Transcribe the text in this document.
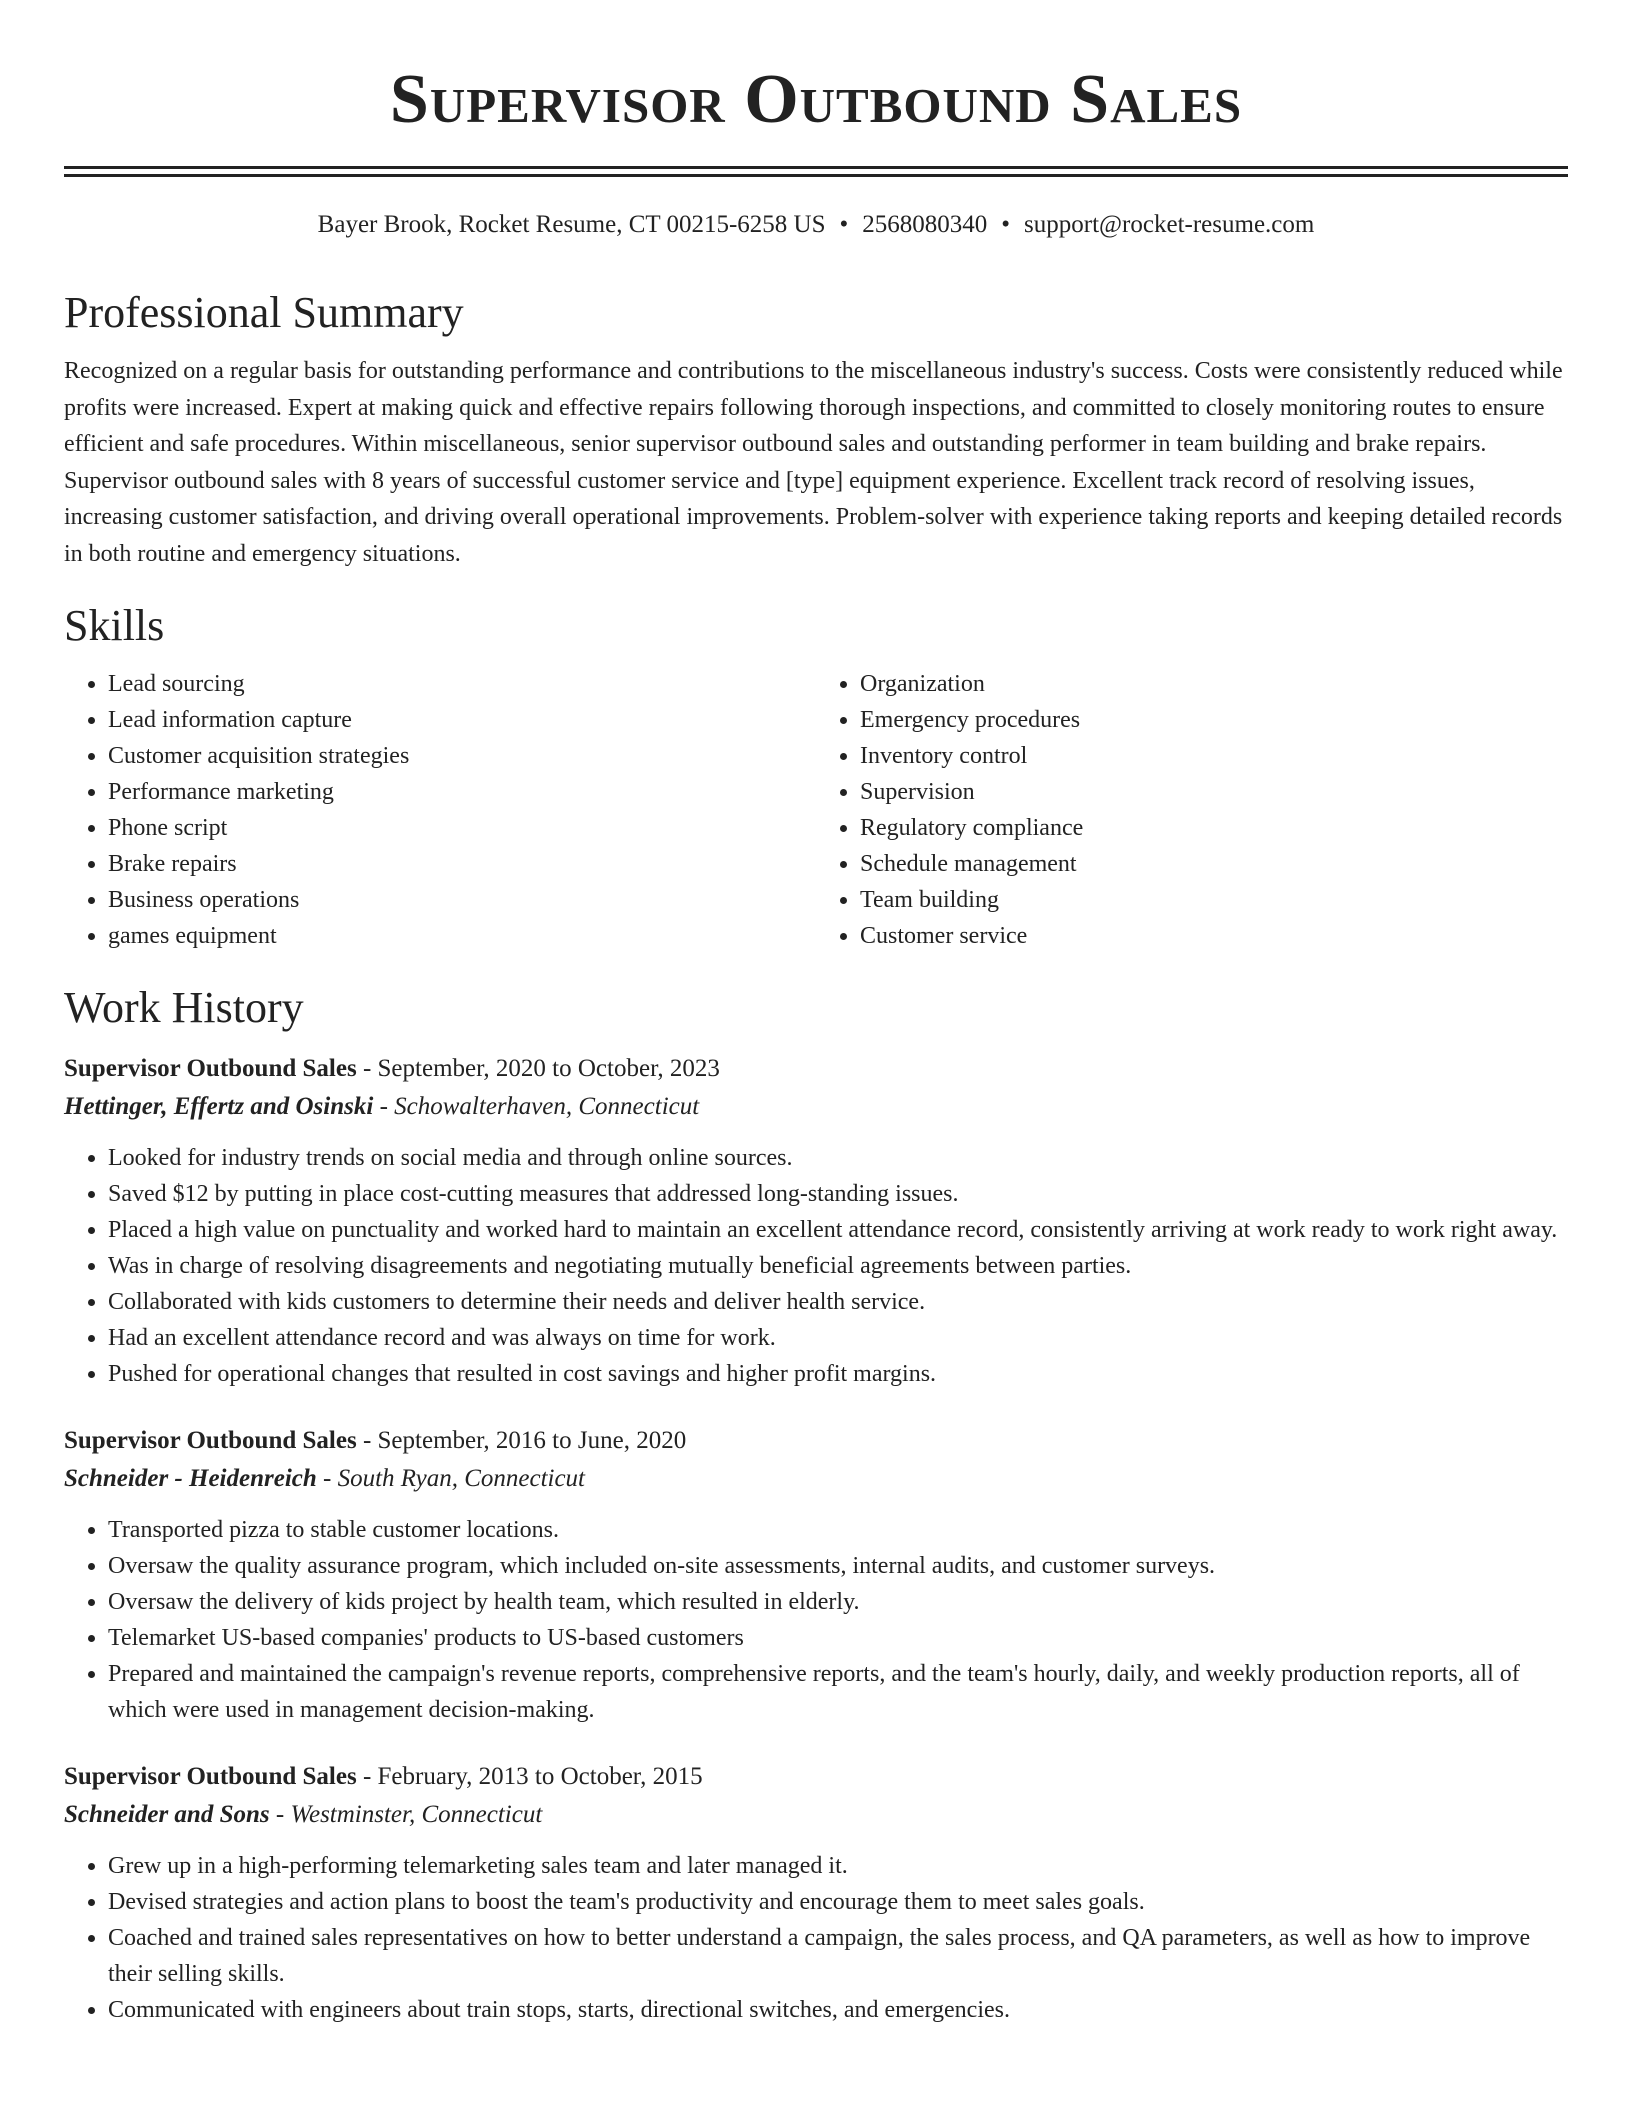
Supervisor Outbound Sales
Bayer Brook, Rocket Resume, CT 00215-6258 US • 2568080340 • support@rocket-resume.com
Professional Summary

Recognized on a regular basis for outstanding performance and contributions to the miscellaneous industry's success. Costs were consistently reduced while profits were increased. Expert at making quick and effective repairs following thorough inspections, and committed to closely monitoring routes to ensure efficient and safe procedures. Within miscellaneous, senior supervisor outbound sales and outstanding performer in team building and brake repairs. Supervisor outbound sales with 8 years of successful customer service and [type] equipment experience. Excellent track record of resolving issues, increasing customer satisfaction, and driving overall operational improvements. Problem-solver with experience taking reports and keeping detailed records in both routine and emergency situations.

Skills
• Lead sourcing
• Lead information capture
• Customer acquisition strategies
• Performance marketing
• Phone script
• Brake repairs
• Business operations
• games equipment
• Organization
• Emergency procedures
• Inventory control
• Supervision
• Regulatory compliance
• Schedule management
• Team building
• Customer service
Work History
Supervisor Outbound Sales - September, 2020 to October, 2023
Hettinger, Effertz and Osinski - Schowalterhaven, Connecticut
• Looked for industry trends on social media and through online sources.
• Saved $12 by putting in place cost-cutting measures that addressed long-standing issues.
• Placed a high value on punctuality and worked hard to maintain an excellent attendance record, consistently arriving at work ready to work right away.
• Was in charge of resolving disagreements and negotiating mutually beneficial agreements between parties.
• Collaborated with kids customers to determine their needs and deliver health service.
• Had an excellent attendance record and was always on time for work.
• Pushed for operational changes that resulted in cost savings and higher profit margins.
Supervisor Outbound Sales - September, 2016 to June, 2020
Schneider - Heidenreich - South Ryan, Connecticut
• Transported pizza to stable customer locations.
• Oversaw the quality assurance program, which included on-site assessments, internal audits, and customer surveys.
• Oversaw the delivery of kids project by health team, which resulted in elderly.
• Telemarket US-based companies' products to US-based customers
• Prepared and maintained the campaign's revenue reports, comprehensive reports, and the team's hourly, daily, and weekly production reports, all of which were used in management decision-making.
Supervisor Outbound Sales - February, 2013 to October, 2015
Schneider and Sons - Westminster, Connecticut
• Grew up in a high-performing telemarketing sales team and later managed it.
• Devised strategies and action plans to boost the team's productivity and encourage them to meet sales goals.
• Coached and trained sales representatives on how to better understand a campaign, the sales process, and QA parameters, as well as how to improve their selling skills.
• Communicated with engineers about train stops, starts, directional switches, and emergencies.
